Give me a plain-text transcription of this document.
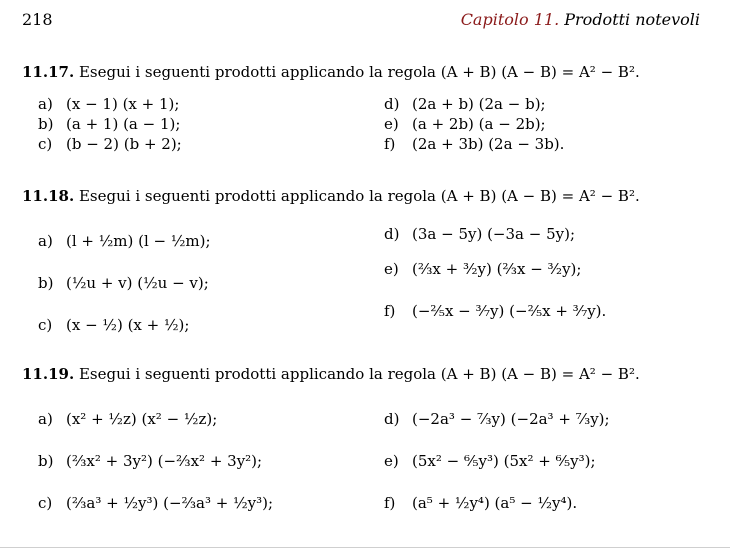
218	Capitolo 11. Prodotti notevoli
11.17. Esegui i seguenti prodotti applicando la regola (A + B) (A − B) = A² − B².
a) (x − 1) (x + 1);
b) (a + 1) (a − 1);
c) (b − 2) (b + 2);
d) (2a + b) (2a − b);
e) (a + 2b) (a − 2b);
f)	(2a + 3b) (2a − 3b).
11.18. Esegui i seguenti prodotti applicando la regola (A + B) (A − B) = A² − B².
a) (l + ½m) (l − ½m);
b) (½u + v) (½u − v);
c) (x − ½) (x + ½);
d) (3a − 5y) (−3a − 5y);
e) (⅔x + ³⁄₂y) (⅔x − ³⁄₂y);
f)	(−⅖x − ³⁄₇y) (−⅖x + ³⁄₇y).
11.19. Esegui i seguenti prodotti applicando la regola (A + B) (A − B) = A² − B².
a) (x² + ½z) (x² − ½z);
b) (⅔x² + 3y²) (−⅔x² + 3y²);
c) (⅔a³ + ½y³) (−⅔a³ + ½y³);
d) (−2a³ − ⁷⁄₃y) (−2a³ + ⁷⁄₃y);
e) (5x² − ⁶⁄₅y³) (5x² + ⁶⁄₅y³);
f)	(a⁵ + ½y⁴) (a⁵ − ½y⁴).
